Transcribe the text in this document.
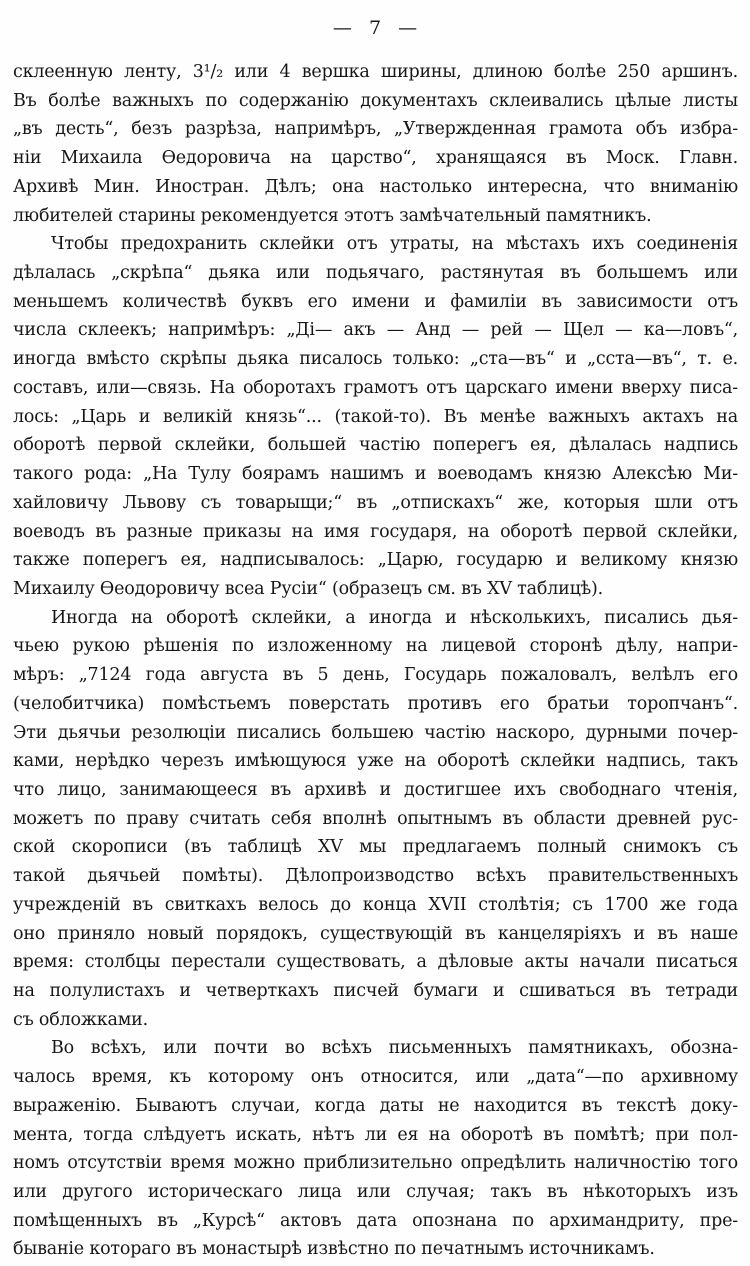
— 7 —
склеенную ленту, 3¹/₂ или 4 вершка ширины, длиною болѣе 250 аршинъ.
Въ болѣе важныхъ по содержанію документахъ склеивались цѣлые листы
„въ десть“, безъ разрѣза, напримѣръ, „Утвержденная грамота объ избра-
ніи Михаила Ѳедоровича на царство“, хранящаяся въ Моск. Главн.
Архивѣ Мин. Иностран. Дѣлъ; она настолько интересна, что вниманію
любителей старины рекомендуется этотъ замѣчательный памятникъ.
Чтобы предохранить склейки отъ утраты, на мѣстахъ ихъ соединенія
дѣлалась „скрѣпа“ дьяка или подьячаго, растянутая въ большемъ или
меньшемъ количествѣ буквъ его имени и фамиліи въ зависимости отъ
числа склеекъ; напримѣръ: „Ді— акъ — Анд — рей — Щел — ка—ловъ“,
иногда вмѣсто скрѣпы дьяка писалось только: „ста—въ“ и „сста—въ“, т. е.
составъ, или—связь. На оборотахъ грамотъ отъ царскаго имени вверху писа-
лось: „Царь и великій князь“... (такой-то). Въ менѣе важныхъ актахъ на
оборотѣ первой склейки, большей частію поперегъ ея, дѣлалась надпись
такого рода: „На Тулу боярамъ нашимъ и воеводамъ князю Алексѣю Ми-
хайловичу Львову съ товарыщи;“ въ „отпискахъ“ же, которыя шли отъ
воеводъ въ разные приказы на имя государя, на оборотѣ первой склейки,
также поперегъ ея, надписывалось: „Царю, государю и великому князю
Михаилу Ѳеодоровичу всеа Русіи“ (образецъ см. въ XV таблицѣ).
Иногда на оборотѣ склейки, а иногда и нѣсколькихъ, писались дья-
чьею рукою рѣшенія по изложенному на лицевой сторонѣ дѣлу, напри-
мѣръ: „7124 года августа въ 5 день, Государь пожаловалъ, велѣлъ его
(челобитчика) помѣстьемъ поверстать противъ его братьи торопчанъ“.
Эти дьячьи резолюціи писались большею частію наскоро, дурными почер-
ками, нерѣдко черезъ имѣющуюся уже на оборотѣ склейки надпись, такъ
что лицо, занимающееся въ архивѣ и достигшее ихъ свободнаго чтенія,
можетъ по праву считать себя вполнѣ опытнымъ въ области древней рус-
ской скорописи (въ таблицѣ XV мы предлагаемъ полный снимокъ съ
такой дьячьей помѣты). Дѣлопроизводство всѣхъ правительственныхъ
учрежденій въ свиткахъ велось до конца XVII столѣтія; съ 1700 же года
оно приняло новый порядокъ, существующій въ канцеляріяхъ и въ наше
время: столбцы перестали существовать, а дѣловые акты начали писаться
на полулистахъ и четверткахъ писчей бумаги и сшиваться въ тетради
съ обложками.
Во всѣхъ, или почти во всѣхъ письменныхъ памятникахъ, обозна-
чалось время, къ которому онъ относится, или „дата“—по архивному
выраженію. Бываютъ случаи, когда даты не находится въ текстѣ доку-
мента, тогда слѣдуетъ искать, нѣтъ ли ея на оборотѣ въ помѣтѣ; при пол-
номъ отсутствіи время можно приблизительно опредѣлить наличностію того
или другого историческаго лица или случая; такъ въ нѣкоторыхъ изъ
помѣщенныхъ въ „Курсѣ“ актовъ дата опознана по архимандриту, пре-
бываніе котораго въ монастырѣ извѣстно по печатнымъ источникамъ.
